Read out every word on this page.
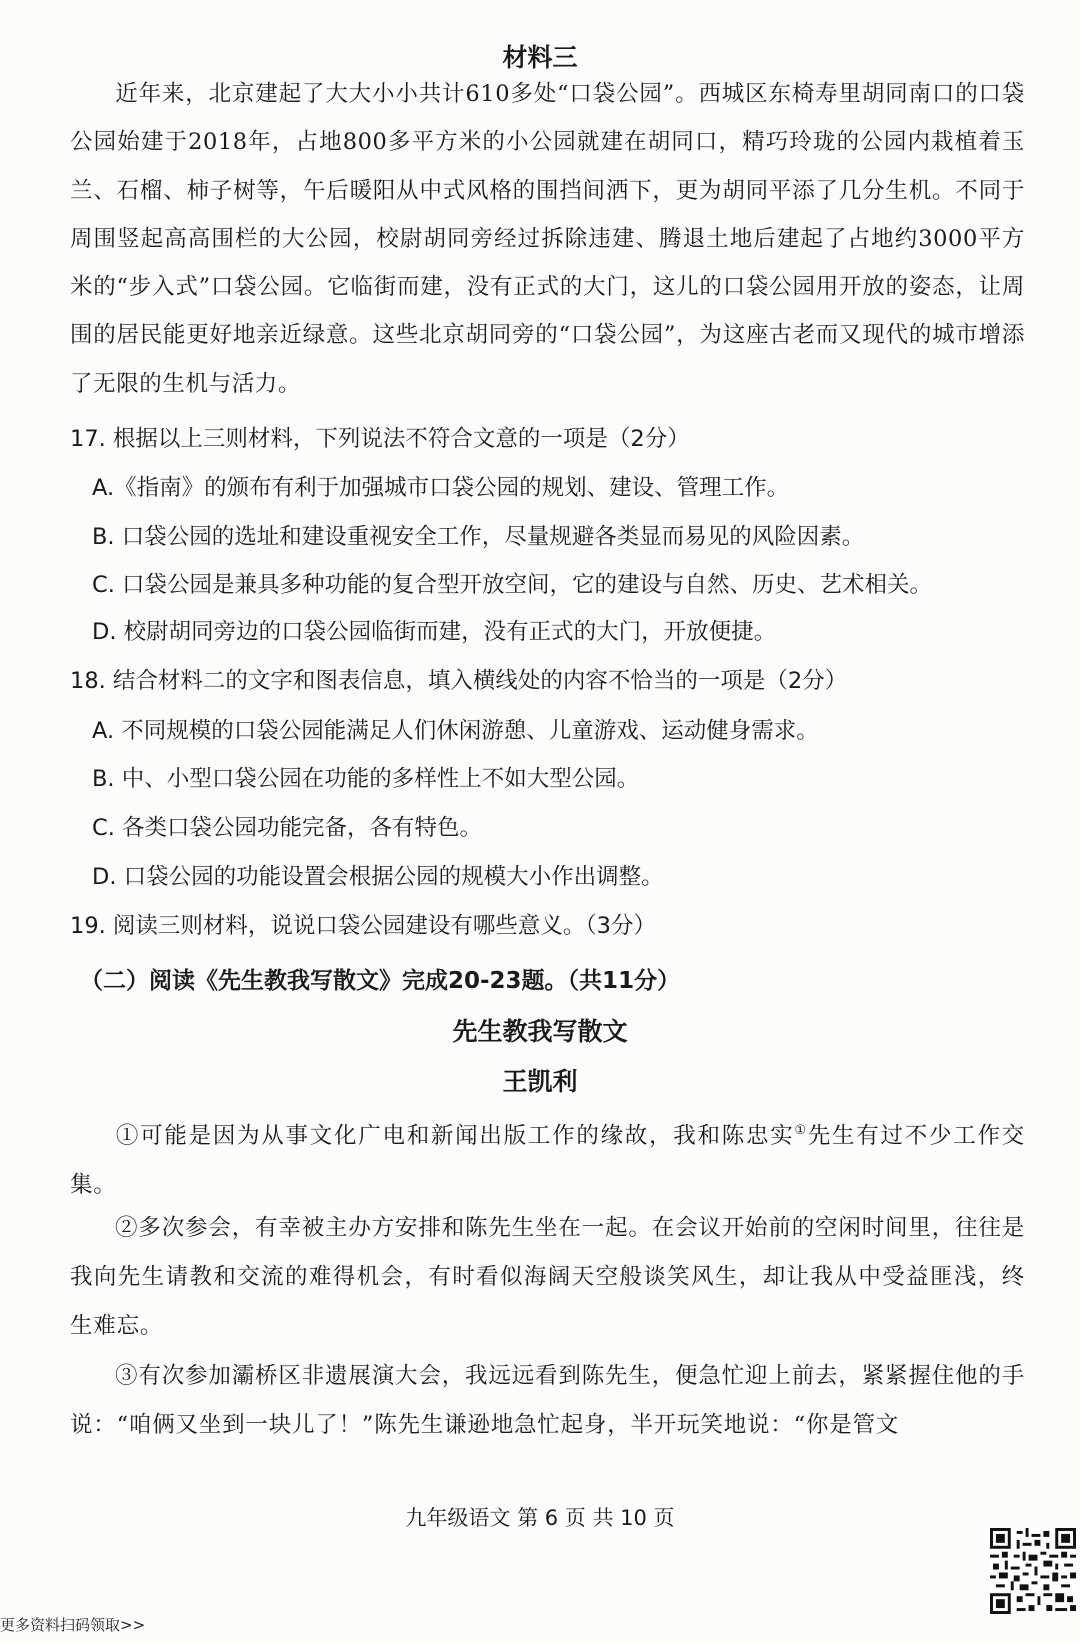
材料三
近年来，北京建起了大大小小共计610多处“口袋公园”。西城区东椅寿里胡同南口的口袋公园始建于2018年，占地800多平方米的小公园就建在胡同口，精巧玲珑的公园内栽植着玉兰、石榴、柿子树等，午后暖阳从中式风格的围挡间洒下，更为胡同平添了几分生机。不同于周围竖起高高围栏的大公园，校尉胡同旁经过拆除违建、腾退土地后建起了占地约3000平方米的“步入式”口袋公园。它临街而建，没有正式的大门，这儿的口袋公园用开放的姿态，让周围的居民能更好地亲近绿意。这些北京胡同旁的“口袋公园”，为这座古老而又现代的城市增添了无限的生机与活力。
17. 根据以上三则材料，下列说法不符合文意的一项是（2分）
A.《指南》的颁布有利于加强城市口袋公园的规划、建设、管理工作。
B. 口袋公园的选址和建设重视安全工作，尽量规避各类显而易见的风险因素。
C. 口袋公园是兼具多种功能的复合型开放空间，它的建设与自然、历史、艺术相关。
D. 校尉胡同旁边的口袋公园临街而建，没有正式的大门，开放便捷。
18. 结合材料二的文字和图表信息，填入横线处的内容不恰当的一项是（2分）
A. 不同规模的口袋公园能满足人们休闲游憩、儿童游戏、运动健身需求。
B. 中、小型口袋公园在功能的多样性上不如大型公园。
C. 各类口袋公园功能完备，各有特色。
D. 口袋公园的功能设置会根据公园的规模大小作出调整。
19. 阅读三则材料，说说口袋公园建设有哪些意义。（3分）
（二）阅读《先生教我写散文》完成20-23题。（共11分）
先生教我写散文
王凯利
①可能是因为从事文化广电和新闻出版工作的缘故，我和陈忠实①先生有过不少工作交集。
②多次参会，有幸被主办方安排和陈先生坐在一起。在会议开始前的空闲时间里，往往是我向先生请教和交流的难得机会，有时看似海阔天空般谈笑风生，却让我从中受益匪浅，终生难忘。
③有次参加灞桥区非遗展演大会，我远远看到陈先生，便急忙迎上前去，紧紧握住他的手说：“咱俩又坐到一块儿了！”陈先生谦逊地急忙起身，半开玩笑地说：“你是管文
九年级语文 第 6 页 共 10 页
更多资料扫码领取>>
